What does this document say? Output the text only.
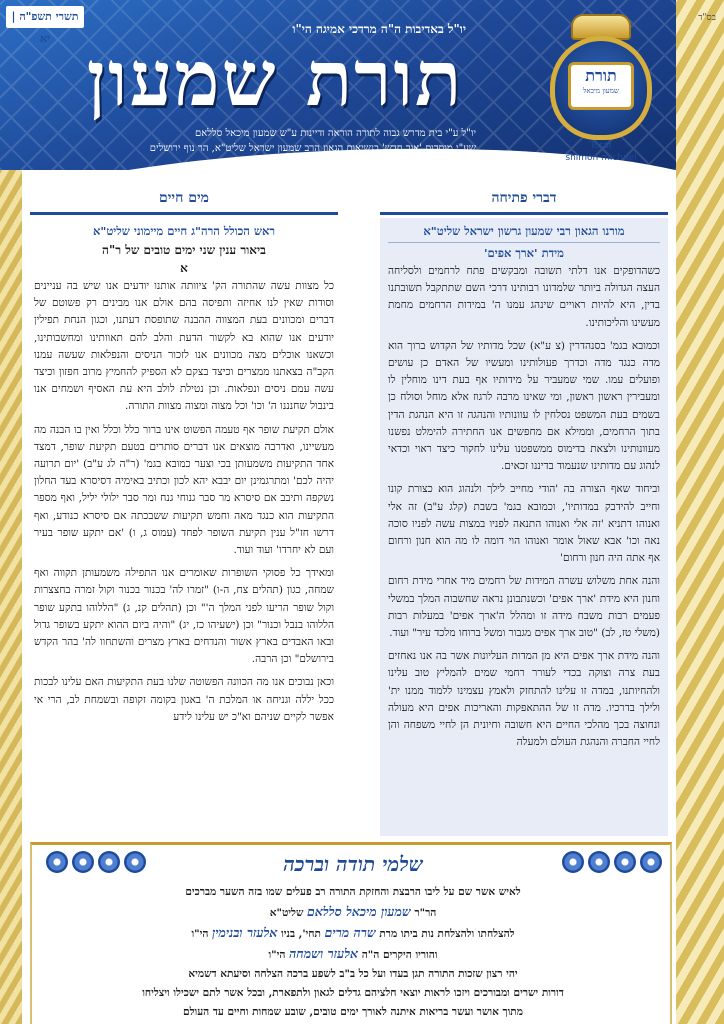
תשרי תשפ"ה | יא
יו"ל באדיבות ה"ה מרדכי אמיגה הי"ו
תורת שמעון
יו"ל ע"י בית מדרש גבוה לתורה הוראה ודיינות ע"ש שמעון מיכאל סללאם
שע"י מוסדות 'אור חדש' בנשיאות הגאון הרב שמעון ישראל שליט"א, הר נוף ירושלים
בס"ד
תורת
שמעון מיכאל
Torat
shimon michael
דברי פתיחה
מים חיים
מורנו הגאון רבי שמעון גרשון ישראל שליט"א
מידת 'ארך אפים'

כשהדופקים אנו דלתי תשובה ומבקשים פתח לרחמים ולסליחה העצה הגדולה ביותר שלמדונו רבותינו דרכי השם שתתקבל תשובתנו בדין, היא להיות ראויים שינהג עמנו ה' במידות הרחמים מחמת מעשינו והליכותינו.

וכמובא בגמ' בסנהדרין (צ ע"א) שכל מדותיו של הקדוש ברוך הוא מדה כנגד מדה וכדרך פעולותינו ומעשיו של האדם כן עושים ופועלים עמו. שמי שמעביר על מידותיו אף בעת דינו מוחלין לו ומעבירין ראשון ראשון, ומי שאינו מרבה לרגוז אלא מוחל וסולח כן בשמים בעת המשפט נסלחין לו עוונותיו והנהגה זו היא הנהגת הדין בתוך הרחמים, וממילא אם מחפשים אנו החתירה להימלט נפשנו מעוונותינו ולצאת בדימוס ממשפטנו עלינו לחקור כיצד ראוי וכדאי לנהוג עם מדותינו שנעמוד בדיננו זכאים.

וביחוד שאף הצורה בה 'הודי מחייב לילך ולנהוג הוא כצורת קונו וחייב להידבק במדותיו', וכמובא בגמ' בשבת (קלג ע"ב) זה אלי ואנוהו דתניא 'זה אלי ואנוהו התנאה לפניו במצות עשה לפניו סוכה נאה וכו' אבא שאול אומר ואנוהו הוי דומה לו מה הוא חנון ורחום אף אתה היה חנון ורחום'

והנה אחת משלוש עשרה המידות של רחמים מיד אחרי מידת רחום וחנון היא מידת 'ארך אפים' וכשנתבונן נראה שחשבוה המלך במשלי פעמים רבות משבח מידה זו ומהלל ה'ארך אפים' במעלות רבות (משלי טז, לב) "טוב ארך אפים מגבור ומשל ברוחו מלכד עיר" ועוד.

והנה מידת ארך אפים היא מן המדות העליונות אשר בה אנו נאחזים בעת צרה וצוקה בכדי לעורר רחמי שמים להמליץ טוב עלינו ולהחיותנו, במדה זו עלינו להתחזק ולאמץ עצמינו ללמוד ממנו ית' ולילך בדרכיו. מדה זו של ההתאפקות והאריכות אפים היא מעולה ונחוצה בכך מהלכי החיים היא חשובה וחיונית הן לחיי משפחה והן לחיי החברה והנהגת העולם ולמעלה

ראש הכולל הרה"ג חיים מיימוני שליט"א
ביאור ענין שני ימים טובים של ר"ה
א

כל מצוות עשה שהתורה הק' ציוותה אותנו יודעים אנו שיש בה עניינים וסודות שאין לנו אחיזה ותפיסה בהם אולם אנו מבינים רק פשוטם של דברים ומכוונים בעת המצווה ההבנה שתופסת דעתנו, וכגון הנחת תפילין יודעים אנו שהוא בא לקשור הדעת והלב להם תאוותינו ומחשבותינו, וכשאנו אוכלים מצה מכוונים אנו לזכור הניסים והנפלאות שעשה עמנו הקב"ה בצאתנו ממצרים וכיצד בצקם לא הספיק להחמיץ מרוב חפזון וכיצד עשה עמם ניסים ונפלאות. וכן נטילת לולב היא עת האסיף ושמחים אנו בינבול שחנננו ה' וכו' וכל מצוה ומצוה מצוות התורה.

אולם תקיעת שופר אף טעמה הפשוט אינו ברור כלל וכלל ואין בו הבנה מה מעשיינו, ואדרבה מוצאים אנו דברים סותרים בטעם תקיעת שופר, דמצד אחד התקיעות משמעותן בכי וצער כמובא בגמ' (ר"ה לג ע"ב) 'יום תרועה יהיה לכם' ומתרגמינן יום יבבא יהא לכון וכתיב באימיה דסיסרא בעד החלון נשקפה ותיבב אם סיסרא מר סבר גנוחי גנח ומר סבר ילולי יליל, ואף מספר התקיעות הוא כנגד מאה וחמש תקיעות ששבכתה אם סיסרא כנודע, ואף דרשו חז"ל ענין תקיעת השופר לפחד (עמוס ג, ו) 'אם יתקע שופר בעיר ועם לא יחרדו' ועוד ועוד.

ומאידך כל פסוקי השופרות שאומרים אנו התפילה משמעותן תקווה ואף שמחה, כגון (תהלים צח, ה-ו) "זמרו לה' בכנור בכנור וקול זמרה בחצצרות וקול שופר הריעו לפני המלך ה'" וכן (תהלים קנ, ג) "הללוהו בתקע שופר הללוהו בנבל וכנור" וכן (ישעיהו כז, יג) "והיה ביום ההוא יתקע בשופר גדול ובאו האבדים בארץ אשור והנדחים בארץ מצרים והשתחוו לה' בהר הקדש בירושלם" וכן הרבה.

וכאן נבוכים אנו מה הכוונה הפשוטה שלנו בעת התקיעות האם עלינו לבכות ככל יללה וגניחה או המלכת ה' באגון בקומה זקופה ובשמחת לב, הרי אי אפשר לקיים שניהם וא"כ יש עלינו לידע

שלמי תודה וברכה
לאיש אשר שם על ליבו הרבצת והחזקת התורה רב פעלים שמו בזה השער מברכים
הר"ר שמעון מיכאל סללאם שליט"א
להצלחתו ולהצלחת נות ביתו מרת שרה מרים תחי', בניו אלעזר ובנימין הי"ו
והוריו היקרים ה"ה אלעזר ושמחה הי"ו
יהי רצון שזכות התורה תגן בעדו ועל כל ב"ב לשפע ברכה הצלחה וסיעתא דשמיא
דורות ישרים ומבורכים ויזכו לראות יוצאי חלציהם גדלים לגאון ולתפארת, ובכל אשר לתם ישכילו ויצליחו
מתוך אושר ועשר בריאות איתנה לאורך ימים טובים, שובע שמחות וחיים עד העולם
